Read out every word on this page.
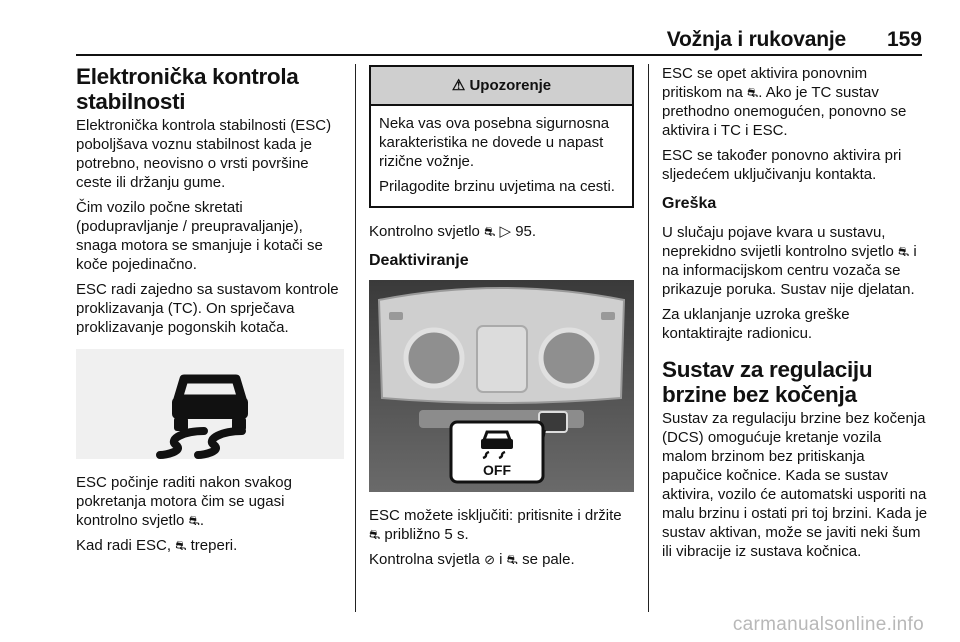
Vožnja i rukovanje 159
Elektronička kontrola stabilnosti

Elektronička kontrola stabilnosti (ESC) poboljšava voznu stabilnost kada je potrebno, neovisno o vrsti površine ceste ili držanju gume.

Čim vozilo počne skretati (podupravljanje / preupravaljanje), snaga motora se smanjuje i kotači se koče pojedinačno.

ESC radi zajedno sa sustavom kontrole proklizavanja (TC). On sprječava proklizavanje pogonskih kotača.

ESC počinje raditi nakon svakog pokretanja motora čim se ugasi kontrolno svjetlo ⛐.

Kad radi ESC, ⛐ treperi.

⚠ Upozorenje

Neka vas ova posebna sigurnosna karakteristika ne dovede u napast rizične vožnje.

Prilagodite brzinu uvjetima na cesti.

Kontrolno svjetlo ⛐ ▷ 95.

Deaktiviranje
OFF

ESC možete isključiti: pritisnite i držite ⛐ približno 5 s.

Kontrolna svjetla ⊘ i ⛐ se pale.

ESC se opet aktivira ponovnim pritiskom na ⛐. Ako je TC sustav prethodno onemogućen, ponovno se aktivira i TC i ESC.

ESC se također ponovno aktivira pri sljedećem uključivanju kontakta.

Greška

U slučaju pojave kvara u sustavu, neprekidno svijetli kontrolno svjetlo ⛐ i na informacijskom centru vozača se prikazuje poruka. Sustav nije djelatan.

Za uklanjanje uzroka greške kontaktirajte radionicu.

Sustav za regulaciju brzine bez kočenja

Sustav za regulaciju brzine bez kočenja (DCS) omogućuje kretanje vozila malom brzinom bez pritiskanja papučice kočnice. Kada se sustav aktivira, vozilo će automatski usporiti na malu brzinu i ostati pri toj brzini. Kada je sustav aktivan, može se javiti neki šum ili vibracije iz sustava kočnica.

carmanualsonline.info
